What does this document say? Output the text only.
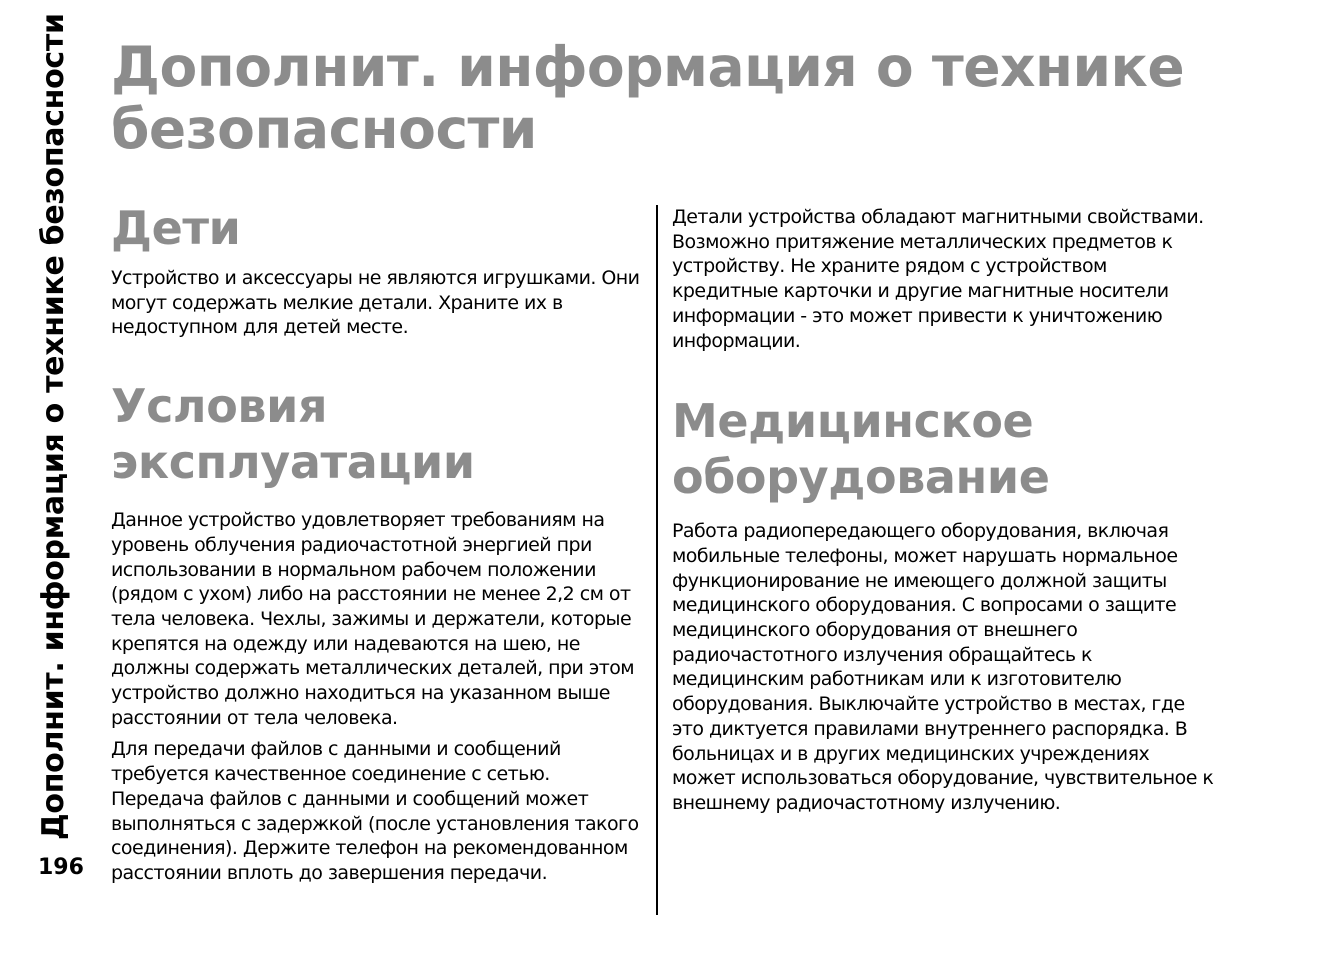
Дополнит. информация о технике безопасности
196
Дополнит. информация о технике безопасности
Дети

Устройство и аксессуары не являются игрушками. Они могут содержать мелкие детали. Храните их в недоступном для детей месте.

Условия эксплуатации

Данное устройство удовлетворяет требованиям на уровень облучения радиочастотной энергией при использовании в нормальном рабочем положении (рядом с ухом) либо на расстоянии не менее 2,2 см от тела человека. Чехлы, зажимы и держатели, которые крепятся на одежду или надеваются на шею, не должны содержать металлических деталей, при этом устройство должно находиться на указанном выше расстоянии от тела человека.

Для передачи файлов с данными и сообщений требуется качественное соединение с сетью. Передача файлов с данными и сообщений может выполняться с задержкой (после установления такого соединения). Держите телефон на рекомендованном расстоянии вплоть до завершения передачи.

Детали устройства обладают магнитными свойствами. Возможно притяжение металлических предметов к устройству. Не храните рядом с устройством кредитные карточки и другие магнитные носители информации - это может привести к уничтожению информации.

Медицинское оборудование

Работа радиопередающего оборудования, включая мобильные телефоны, может нарушать нормальное функционирование не имеющего должной защиты медицинского оборудования. С вопросами о защите медицинского оборудования от внешнего радиочастотного излучения обращайтесь к медицинским работникам или к изготовителю оборудования. Выключайте устройство в местах, где это диктуется правилами внутреннего распорядка. В больницах и в других медицинских учреждениях может использоваться оборудование, чувствительное к внешнему радиочастотному излучению.
